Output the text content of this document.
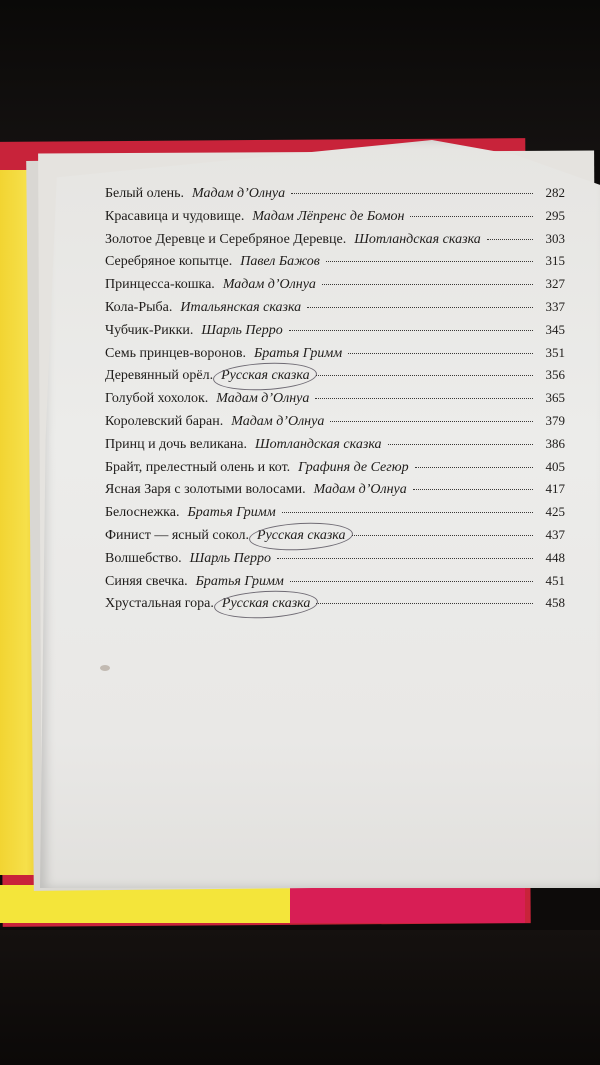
Белый олень. Мадам д’Олнуа	282
Красавица и чудовище. Мадам Лёпренс де Бомон	295
Золотое Деревце и Серебряное Деревце. Шотландская сказка	303
Серебряное копытце. Павел Бажов	315
Принцесса-кошка. Мадам д’Олнуа	327
Кола-Рыба. Итальянская сказка	337
Чубчик-Рикки. Шарль Перро	345
Семь принцев-воронов. Братья Гримм	351
Деревянный орёл. Русская сказка	356
Голубой хохолок. Мадам д’Олнуа	365
Королевский баран. Мадам д’Олнуа	379
Принц и дочь великана. Шотландская сказка	386
Брайт, прелестный олень и кот. Графиня де Сегюр	405
Ясная Заря с золотыми волосами. Мадам д’Олнуа	417
Белоснежка. Братья Гримм	425
Финист — ясный сокол. Русская сказка	437
Волшебство. Шарль Перро	448
Синяя свечка. Братья Гримм	451
Хрустальная гора. Русская сказка	458
